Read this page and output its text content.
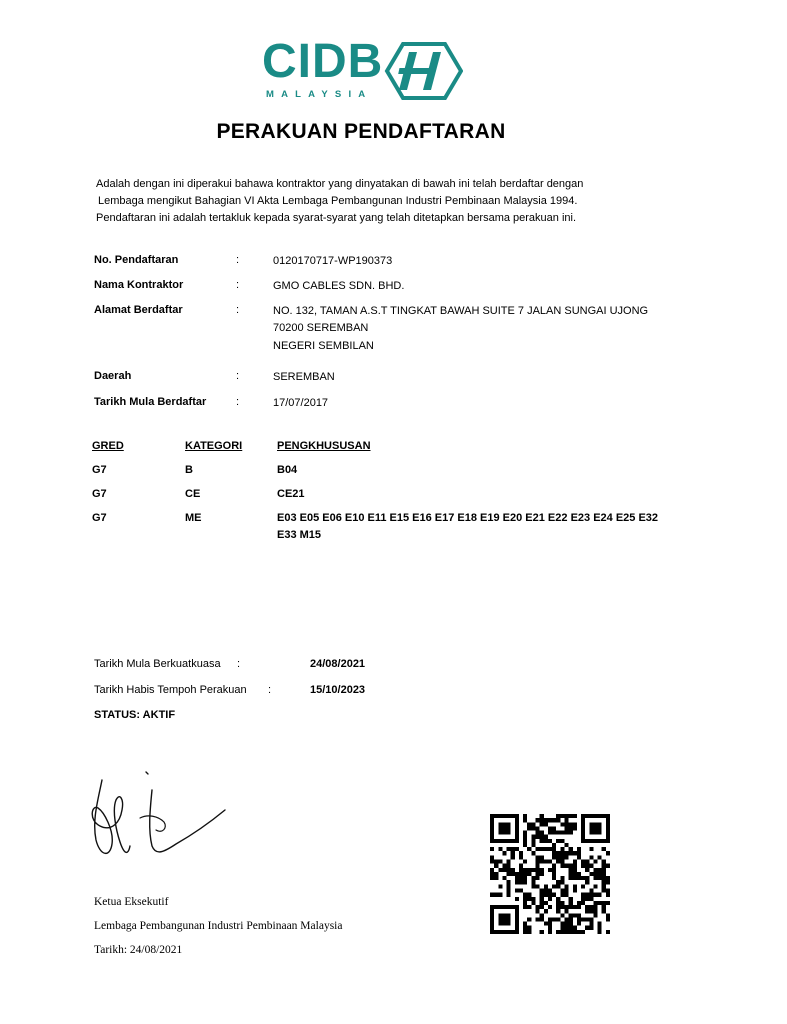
CIDB
MALAYSIA
PERAKUAN PENDAFTARAN
Adalah dengan ini diperakui bahawa kontraktor yang dinyatakan di bawah ini telah berdaftar dengan
Lembaga mengikut Bahagian VI Akta Lembaga Pembangunan Industri Pembinaan Malaysia 1994.
Pendaftaran ini adalah tertakluk kepada syarat-syarat yang telah ditetapkan bersama perakuan ini.
No. Pendaftaran	:	0120170717-WP190373
Nama Kontraktor	:	GMO CABLES SDN. BHD.
Alamat Berdaftar	:	NO. 132, TAMAN A.S.T TINGKAT BAWAH SUITE 7 JALAN SUNGAI UJONG
70200 SEREMBAN
NEGERI SEMBILAN
Daerah	:	SEREMBAN
Tarikh Mula Berdaftar	:	17/07/2017
GRED	KATEGORI	PENGKHUSUSAN
G7	B	B04
G7	CE	CE21
G7	ME	E03 E05 E06 E10 E11 E15 E16 E17 E18 E19 E20 E21 E22 E23 E24 E25 E32
E33 M15
Tarikh Mula Berkuatkuasa :	24/08/2021
Tarikh Habis Tempoh Perakuan :	15/10/2023
STATUS: AKTIF
Ketua Eksekutif
Lembaga Pembangunan Industri Pembinaan Malaysia
Tarikh: 24/08/2021
